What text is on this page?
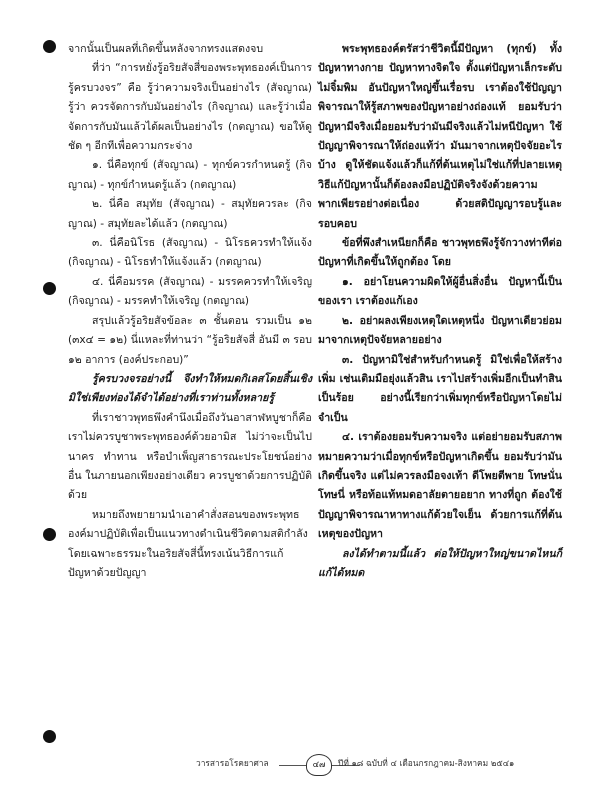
จากนั้นเป็นผลที่เกิดขึ้นหลังจากทรงแสดงจบ

ที่ว่า “การหยั่งรู้อริยสัจสี่ของพระพุทธองค์เป็นการรู้ครบวงจร” คือ รู้ว่าความจริงเป็นอย่างไร (สัจญาณ) รู้ว่า ควรจัดการกับมันอย่างไร (กิจญาณ) และรู้ว่าเมื่อจัดการกับมันแล้วได้ผลเป็นอย่างไร (กตญาณ) ขอให้ดูชัด ๆ อีกทีเพื่อความกระจ่าง

๑. นี่คือทุกข์ (สัจญาณ) - ทุกข์ควรกำหนดรู้ (กิจญาณ) - ทุกข์กำหนดรู้แล้ว (กตญาณ)

๒. นี่คือ สมุทัย (สัจญาณ) - สมุทัยควรละ (กิจญาณ) - สมุทัยละได้แล้ว (กตญาณ)

๓. นี่คือนิโรธ (สัจญาณ) - นิโรธควรทำให้แจ้ง (กิจญาณ) - นิโรธทำให้แจ้งแล้ว (กตญาณ)

๔. นี่คือมรรค (สัจญาณ) - มรรคควรทำให้เจริญ (กิจญาณ) - มรรคทำให้เจริญ (กตญาณ)

สรุปแล้วรู้อริยสัจข้อละ ๓ ชั้นตอน รวมเป็น ๑๒ (๓x๔ = ๑๒) นี่แหละที่ท่านว่า “รู้อริยสัจสี่ อันมี ๓ รอบ ๑๒ อาการ (องค์ประกอบ)”

รู้ครบวงจรอย่างนี้ จึงทำให้หมดกิเลสโดยสิ้นเชิง มิใช่เพียงท่องได้จำได้อย่างที่เราท่านทั้งหลายรู้

ที่เราชาวพุทธพึงคำนึงเมื่อถึงวันอาสาฬหบูชาก็คือ เราไม่ควรบูชาพระพุทธองค์ด้วยอามิส ไม่ว่าจะเป็นไปนาคร ทำทาน หรือบำเพ็ญสาธารณะประโยชน์อย่างอื่น ในภายนอกเพียงอย่างเดียว ควรบูชาด้วยการปฏิบัติด้วย

หมายถึงพยายามนำเอาคำสั่งสอนของพระพุทธองค์มาปฏิบัติเพื่อเป็นแนวทางดำเนินชีวิตตามสติกำลัง โดยเฉพาะธรรมะในอริยสัจสี่นี้ทรงเน้นวิธีการแก้ปัญหาด้วยปัญญา

พระพุทธองค์ตรัสว่าชีวิตนี้มีปัญหา (ทุกข์) ทั้งปัญหาทางกาย ปัญหาทางจิตใจ ตั้งแต่ปัญหาเล็กระดับไม่จิ๋มพิม อันปัญหาใหญ่ขึ้นเรื่อรบ เราต้องใช้ปัญญาพิจารณาให้รู้สภาพของปัญหาอย่างถ่องแท้ ยอมรับว่าปัญหามีจริงเมื่อยอมรับว่ามันมีจริงแล้วไม่หนีปัญหา ใช้ปัญญาพิจารณาให้ถ่องแท้ว่า มันมาจากเหตุปัจจัยอะไรบ้าง ดูให้ชัดแจ้งแล้วก็แก้ที่ต้นเหตุไม่ใช่แก้ที่ปลายเหตุ วิธีแก้ปัญหานั้นก็ต้องลงมือปฏิบัติจริงจังด้วยความพากเพียรอย่างต่อเนื่อง ด้วยสติปัญญารอบรู้และรอบคอบ

ข้อที่พึงสำเหนียกก็คือ ชาวพุทธพึงรู้จักวางท่าทีต่อปัญหาที่เกิดขึ้นให้ถูกต้อง โดย

๑. อย่าโยนความผิดให้ผู้อื่นสิ่งอื่น ปัญหานี้เป็นของเรา เราต้องแก้เอง

๒. อย่าผลงเพียงเหตุใดเหตุหนึ่ง ปัญหาเดียวย่อมมาจากเหตุปัจจัยหลายอย่าง

๓. ปัญหามิใช่สำหรับกำหนดรู้ มิใช่เพื่อให้สร้างเพิ่ม เช่นเติมมือยุ่งแล้วสิน เราไปสร้างเพิ่มอีกเป็นทำสิน เป็นร้อย อย่างนี้เรียกว่าเพิ่มทุกข์หรือปัญหาโดยไม่จำเป็น

๔. เราต้องยอมรับความจริง แต่อย่ายอมรับสภาพหมายความว่าเมื่อทุกข์หรือปัญหาเกิดขึ้น ยอมรับว่ามันเกิดขึ้นจริง แต่ไม่ควรลงมือจงเท้า ดีโพยตีพาย โทษนั่นโทษนี่ หรือท้อแท้หมดอาลัยตายอยาก ทางที่ถูก ต้องใช้ปัญญาพิจารณาหาทางแก้ด้วยใจเย็น ด้วยการแก้ที่ต้นเหตุของปัญหา

ลงได้ทำตามนี้แล้ว ต่อให้ปัญหาใหญ่ขนาดไหนก็แก้ได้หมด

วารสารอโรคยาศาล	๔๗	ปีที่ ๑๘ ฉบับที่ ๔ เดือนกรกฎาคม-สิงหาคม ๒๕๔๑
